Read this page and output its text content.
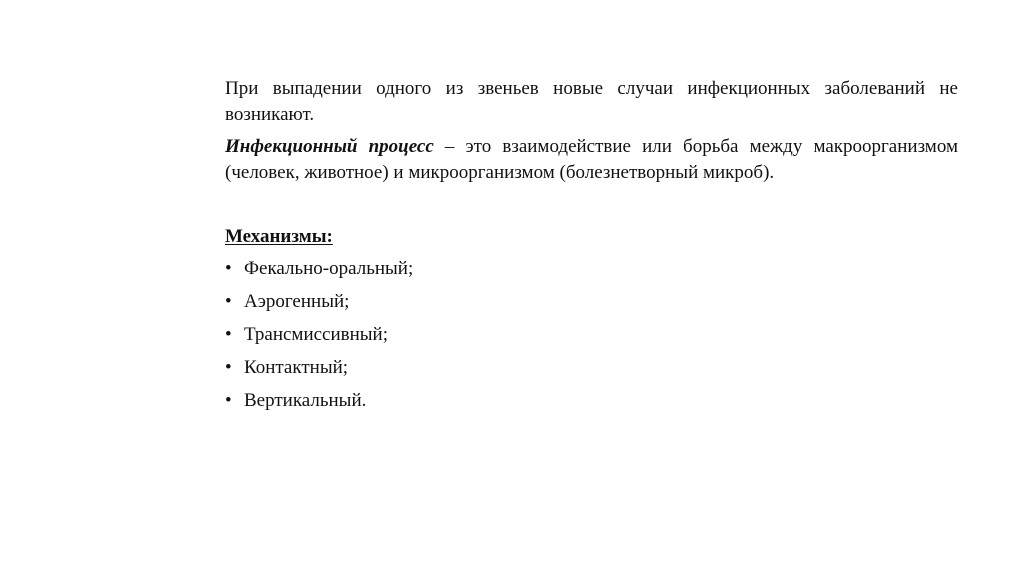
При выпадении одного из звеньев новые случаи инфекционных заболеваний не возникают.

Инфекционный процесс – это взаимодействие или борьба между макроорганизмом (человек, животное) и микроорганизмом (болезнетворный микроб).

Механизмы:
• Фекально-оральный;
• Аэрогенный;
• Трансмиссивный;
• Контактный;
• Вертикальный.
